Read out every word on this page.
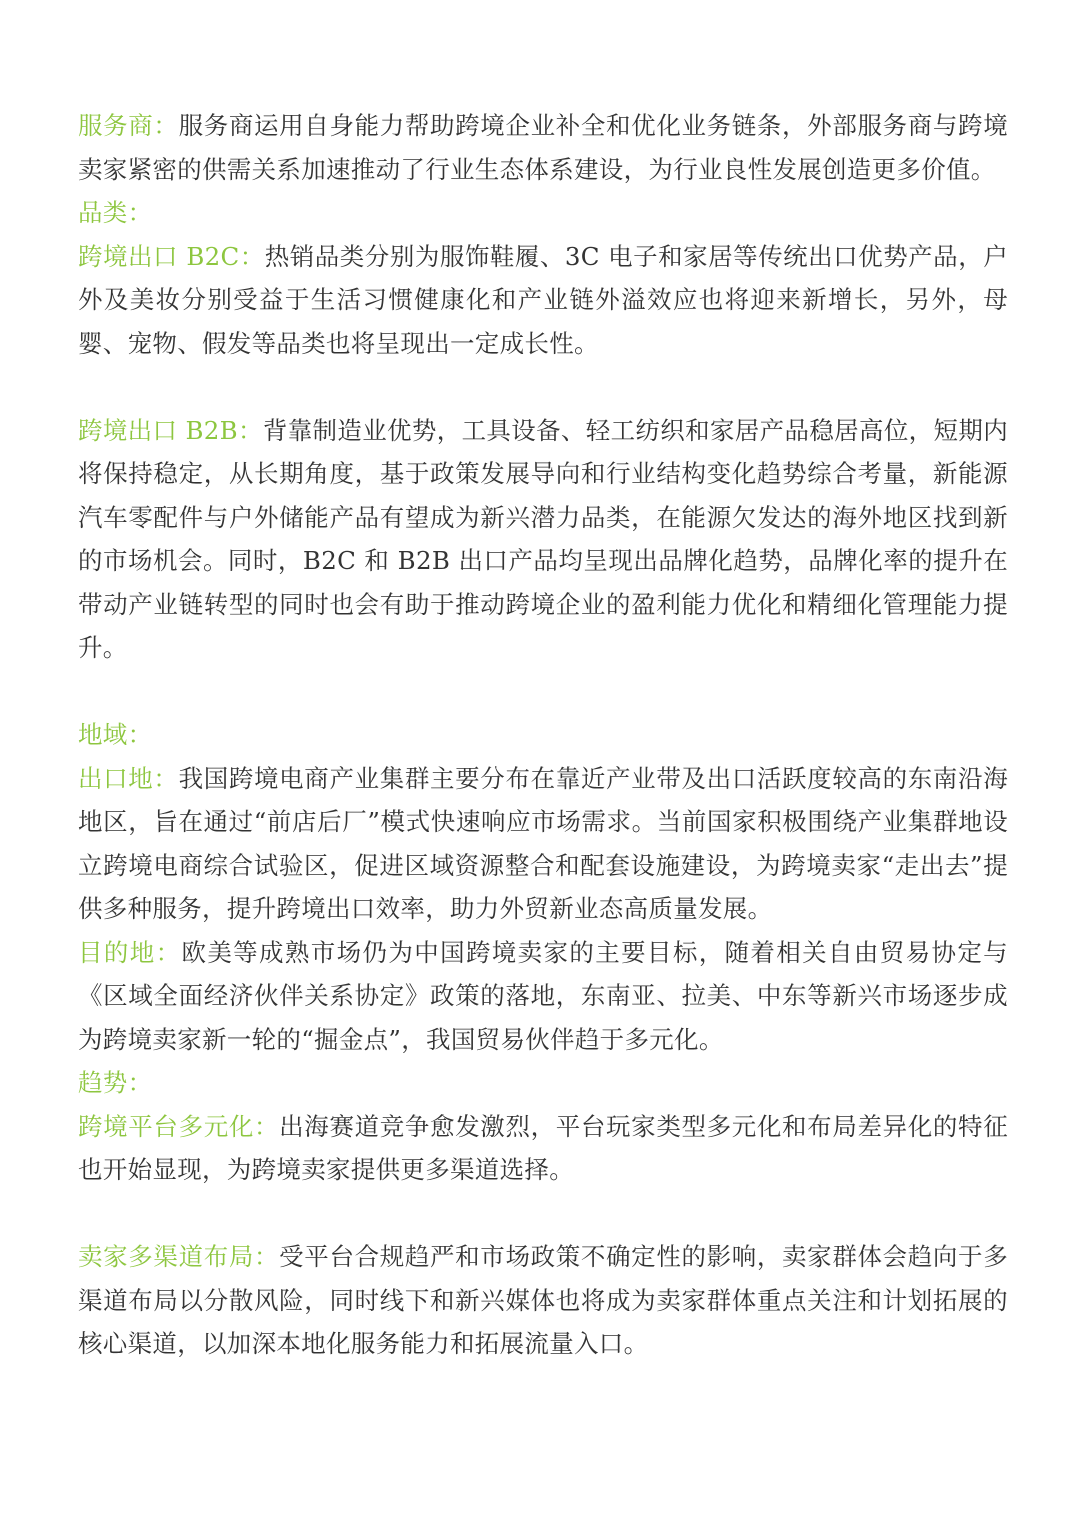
服务商：服务商运用自身能力帮助跨境企业补全和优化业务链条，外部服务商与跨境卖家紧密的供需关系加速推动了行业生态体系建设，为行业良性发展创造更多价值。

品类：

跨境出口 B2C：热销品类分别为服饰鞋履、3C 电子和家居等传统出口优势产品，户外及美妆分别受益于生活习惯健康化和产业链外溢效应也将迎来新增长，另外，母婴、宠物、假发等品类也将呈现出一定成长性。

跨境出口 B2B：背靠制造业优势，工具设备、轻工纺织和家居产品稳居高位，短期内将保持稳定，从长期角度，基于政策发展导向和行业结构变化趋势综合考量，新能源汽车零配件与户外储能产品有望成为新兴潜力品类，在能源欠发达的海外地区找到新的市场机会。同时，B2C 和 B2B 出口产品均呈现出品牌化趋势，品牌化率的提升在带动产业链转型的同时也会有助于推动跨境企业的盈利能力优化和精细化管理能力提升。

地域：

出口地：我国跨境电商产业集群主要分布在靠近产业带及出口活跃度较高的东南沿海地区，旨在通过“前店后厂”模式快速响应市场需求。当前国家积极围绕产业集群地设立跨境电商综合试验区，促进区域资源整合和配套设施建设，为跨境卖家“走出去”提供多种服务，提升跨境出口效率，助力外贸新业态高质量发展。

目的地：欧美等成熟市场仍为中国跨境卖家的主要目标，随着相关自由贸易协定与《区域全面经济伙伴关系协定》政策的落地，东南亚、拉美、中东等新兴市场逐步成为跨境卖家新一轮的“掘金点”，我国贸易伙伴趋于多元化。

趋势：

跨境平台多元化：出海赛道竞争愈发激烈，平台玩家类型多元化和布局差异化的特征也开始显现，为跨境卖家提供更多渠道选择。

卖家多渠道布局：受平台合规趋严和市场政策不确定性的影响，卖家群体会趋向于多渠道布局以分散风险，同时线下和新兴媒体也将成为卖家群体重点关注和计划拓展的核心渠道，以加深本地化服务能力和拓展流量入口。
